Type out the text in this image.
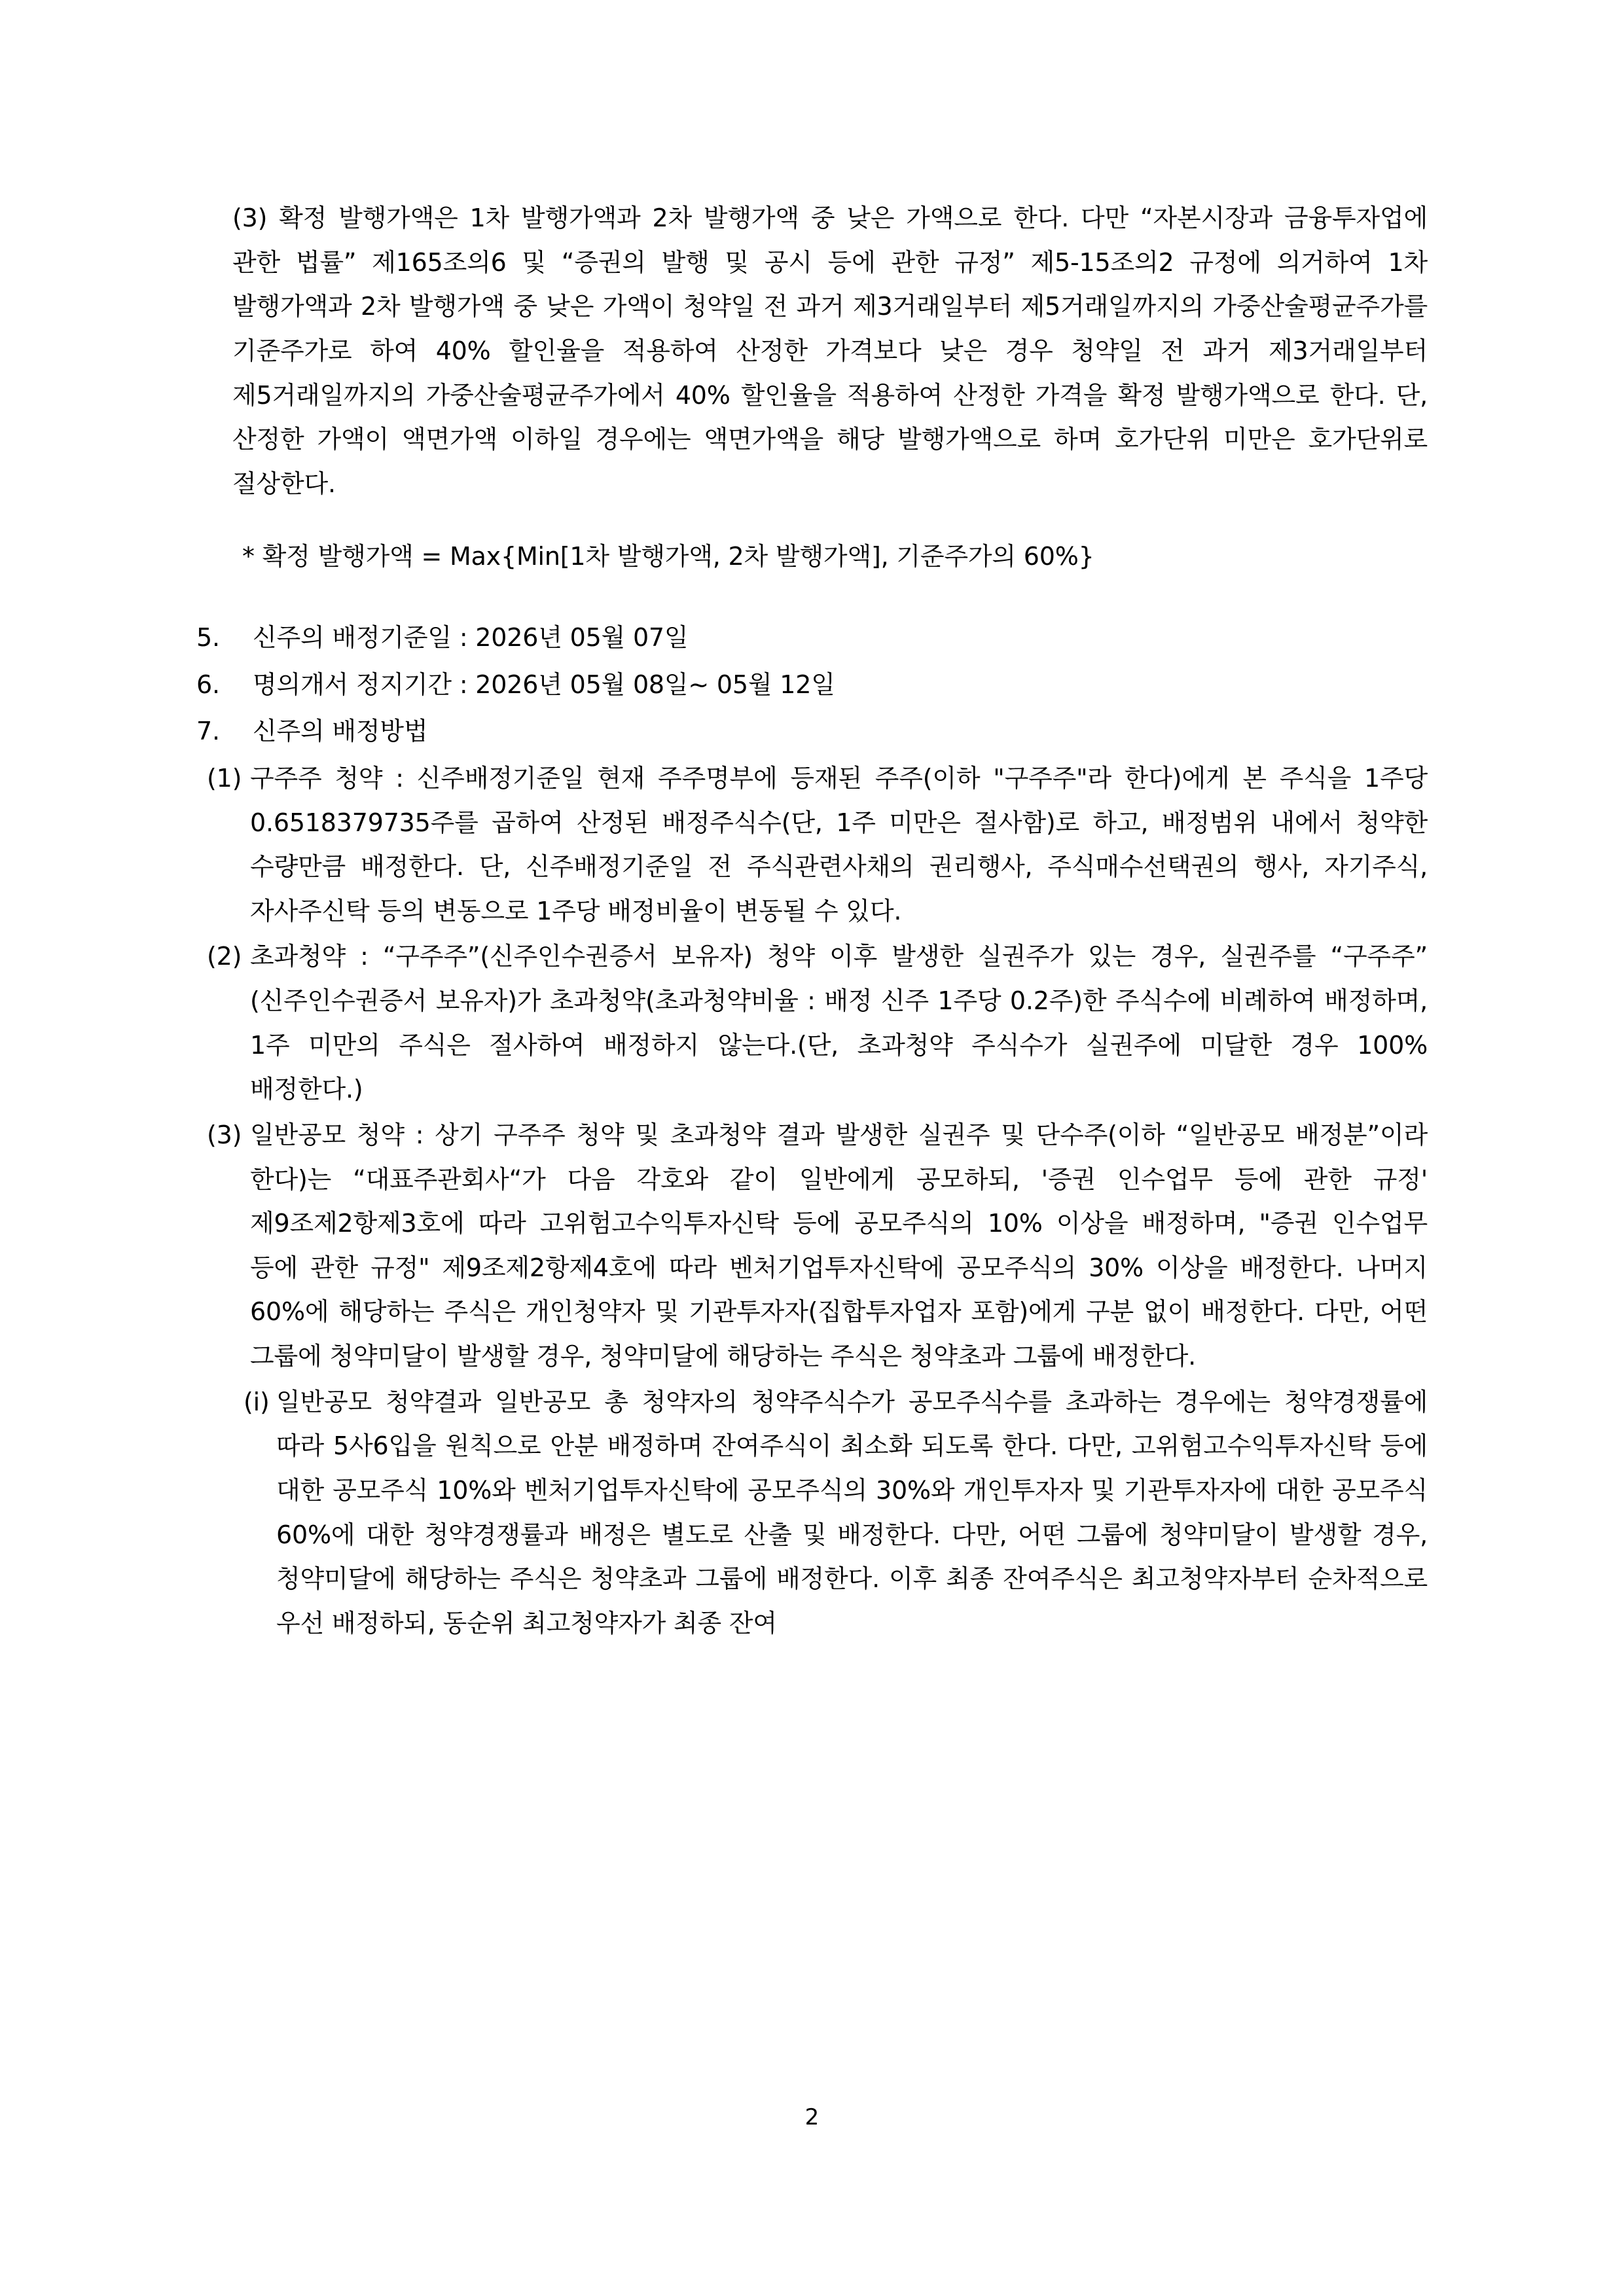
(3) 확정 발행가액은 1차 발행가액과 2차 발행가액 중 낮은 가액으로 한다. 다만 “자본시장과 금융투자업에 관한 법률” 제165조의6 및 “증권의 발행 및 공시 등에 관한 규정” 제5-15조의2 규정에 의거하여 1차 발행가액과 2차 발행가액 중 낮은 가액이 청약일 전 과거 제3거래일부터 제5거래일까지의 가중산술평균주가를 기준주가로 하여 40% 할인율을 적용하여 산정한 가격보다 낮은 경우 청약일 전 과거 제3거래일부터 제5거래일까지의 가중산술평균주가에서 40% 할인율을 적용하여 산정한 가격을 확정 발행가액으로 한다. 단, 산정한 가액이 액면가액 이하일 경우에는 액면가액을 해당 발행가액으로 하며 호가단위 미만은 호가단위로 절상한다.

* 확정 발행가액 = Max{Min[1차 발행가액, 2차 발행가액], 기준주가의 60%}

5.	신주의 배정기준일 : 2026년 05월 07일
6.	명의개서 정지기간 : 2026년 05월 08일~ 05월 12일
7.	신주의 배정방법
(1) 구주주 청약 : 신주배정기준일 현재 주주명부에 등재된 주주(이하 "구주주"라 한다)에게 본 주식을 1주당 0.6518379735주를 곱하여 산정된 배정주식수(단, 1주 미만은 절사함)로 하고, 배정범위 내에서 청약한 수량만큼 배정한다. 단, 신주배정기준일 전 주식관련사채의 권리행사, 주식매수선택권의 행사, 자기주식, 자사주신탁 등의 변동으로 1주당 배정비율이 변동될 수 있다.
(2) 초과청약 : “구주주”(신주인수권증서 보유자) 청약 이후 발생한 실권주가 있는 경우, 실권주를 “구주주” (신주인수권증서 보유자)가 초과청약(초과청약비율 : 배정 신주 1주당 0.2주)한 주식수에 비례하여 배정하며, 1주 미만의 주식은 절사하여 배정하지 않는다.(단, 초과청약 주식수가 실권주에 미달한 경우 100% 배정한다.)
(3) 일반공모 청약 : 상기 구주주 청약 및 초과청약 결과 발생한 실권주 및 단수주(이하 “일반공모 배정분”이라 한다)는 “대표주관회사“가 다음 각호와 같이 일반에게 공모하되, '증권 인수업무 등에 관한 규정' 제9조제2항제3호에 따라 고위험고수익투자신탁 등에 공모주식의 10% 이상을 배정하며, "증권 인수업무 등에 관한 규정" 제9조제2항제4호에 따라 벤처기업투자신탁에 공모주식의 30% 이상을 배정한다. 나머지 60%에 해당하는 주식은 개인청약자 및 기관투자자(집합투자업자 포함)에게 구분 없이 배정한다. 다만, 어떤 그룹에 청약미달이 발생할 경우, 청약미달에 해당하는 주식은 청약초과 그룹에 배정한다.
(i) 일반공모 청약결과 일반공모 총 청약자의 청약주식수가 공모주식수를 초과하는 경우에는 청약경쟁률에 따라 5사6입을 원칙으로 안분 배정하며 잔여주식이 최소화 되도록 한다. 다만, 고위험고수익투자신탁 등에 대한 공모주식 10%와 벤처기업투자신탁에 공모주식의 30%와 개인투자자 및 기관투자자에 대한 공모주식 60%에 대한 청약경쟁률과 배정은 별도로 산출 및 배정한다. 다만, 어떤 그룹에 청약미달이 발생할 경우, 청약미달에 해당하는 주식은 청약초과 그룹에 배정한다. 이후 최종 잔여주식은 최고청약자부터 순차적으로 우선 배정하되, 동순위 최고청약자가 최종 잔여
2
